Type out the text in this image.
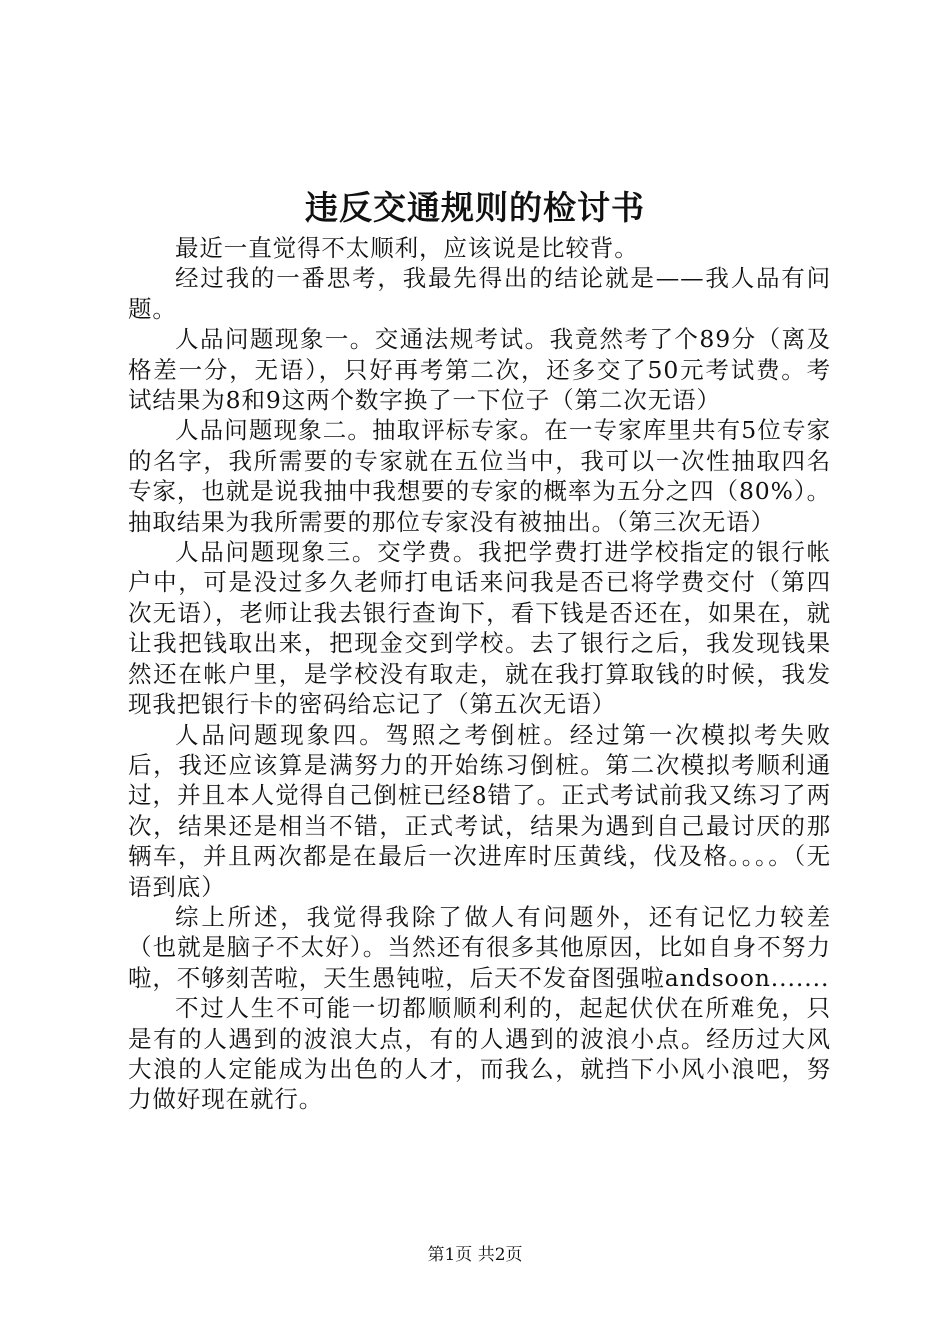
违反交通规则的检讨书

最近一直觉得不太顺利，应该说是比较背。

经过我的一番思考，我最先得出的结论就是——我人品有问题。

人品问题现象一。交通法规考试。我竟然考了个89分（离及格差一分，无语），只好再考第二次，还多交了50元考试费。考试结果为8和9这两个数字换了一下位子（第二次无语）

人品问题现象二。抽取评标专家。在一专家库里共有5位专家的名字，我所需要的专家就在五位当中，我可以一次性抽取四名专家，也就是说我抽中我想要的专家的概率为五分之四（80%）。抽取结果为我所需要的那位专家没有被抽出。（第三次无语）

人品问题现象三。交学费。我把学费打进学校指定的银行帐户中，可是没过多久老师打电话来问我是否已将学费交付（第四次无语），老师让我去银行查询下，看下钱是否还在，如果在，就让我把钱取出来，把现金交到学校。去了银行之后，我发现钱果然还在帐户里，是学校没有取走，就在我打算取钱的时候，我发现我把银行卡的密码给忘记了（第五次无语）

人品问题现象四。驾照之考倒桩。经过第一次模拟考失败后，我还应该算是满努力的开始练习倒桩。第二次模拟考顺利通过，并且本人觉得自己倒桩已经8错了。正式考试前我又练习了两次，结果还是相当不错，正式考试，结果为遇到自己最讨厌的那辆车，并且两次都是在最后一次进库时压黄线，伐及格。。。。（无语到底）

综上所述，我觉得我除了做人有问题外，还有记忆力较差（也就是脑子不太好）。当然还有很多其他原因，比如自身不努力啦，不够刻苦啦，天生愚钝啦，后天不发奋图强啦andsoon.......

不过人生不可能一切都顺顺利利的，起起伏伏在所难免，只是有的人遇到的波浪大点，有的人遇到的波浪小点。经历过大风大浪的人定能成为出色的人才，而我么，就挡下小风小浪吧，努力做好现在就行。

第1页 共2页
